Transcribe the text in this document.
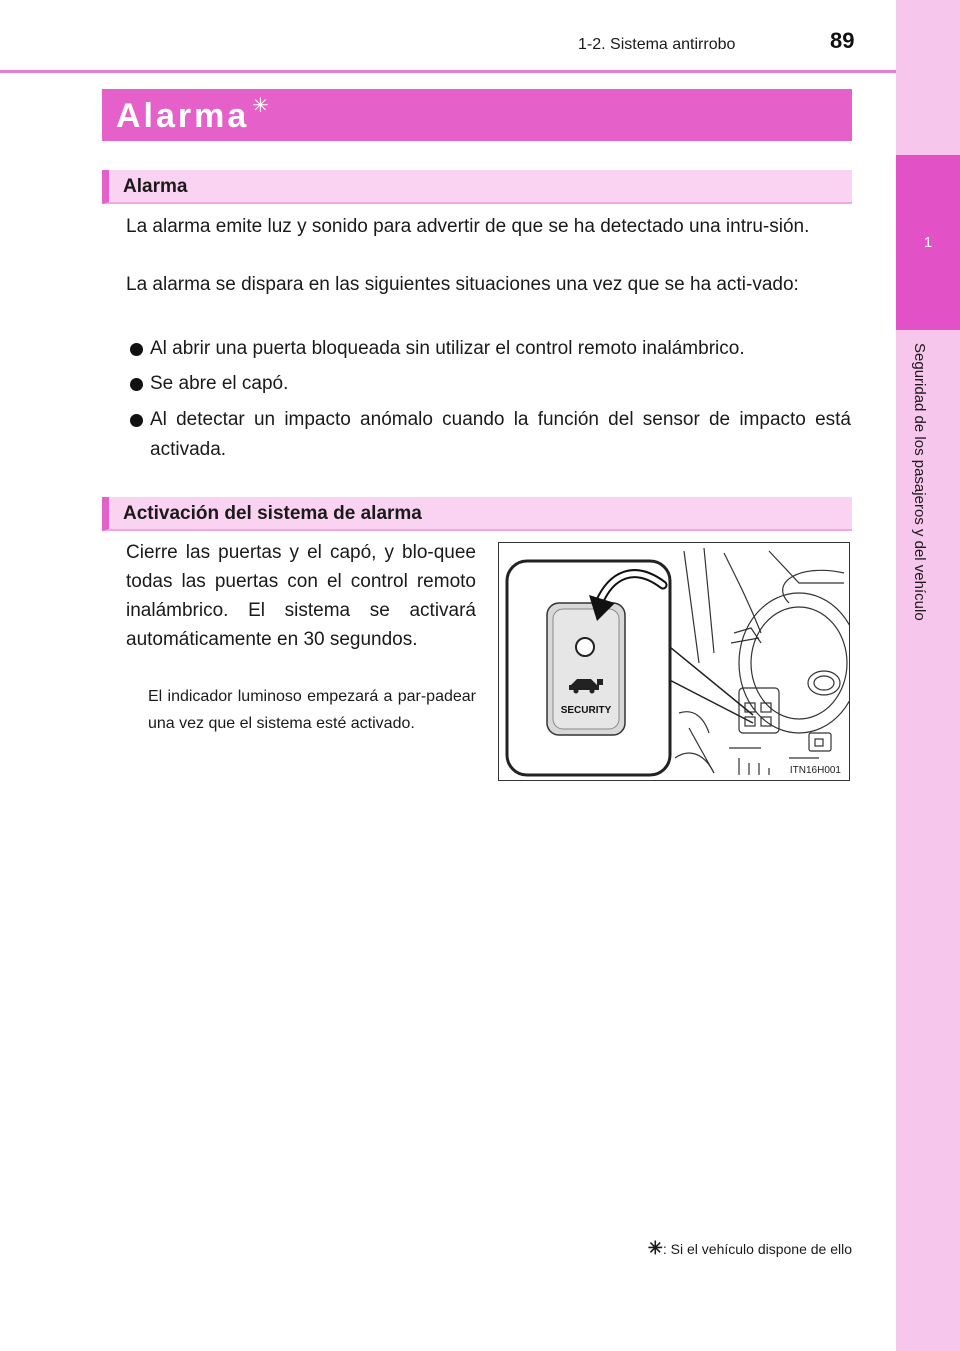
1
Seguridad de los pasajeros y del vehículo
1-2. Sistema antirrobo	89
Alarma ✳
Alarma

La alarma emite luz y sonido para advertir de que se ha detectado una intru-sión.

La alarma se dispara en las siguientes situaciones una vez que se ha acti-vado:

Al abrir una puerta bloqueada sin utilizar el control remoto inalámbrico.
Se abre el capó.
Al detectar un impacto anómalo cuando la función del sensor de impacto está activada.
Activación del sistema de alarma

Cierre las puertas y el capó, y blo-quee todas las puertas con el control remoto inalámbrico. El sistema se activará automáticamente en 30 segundos.

El indicador luminoso empezará a par-padear una vez que el sistema esté activado.

SECURITY
ITN16H001
✳: Si el vehículo dispone de ello
